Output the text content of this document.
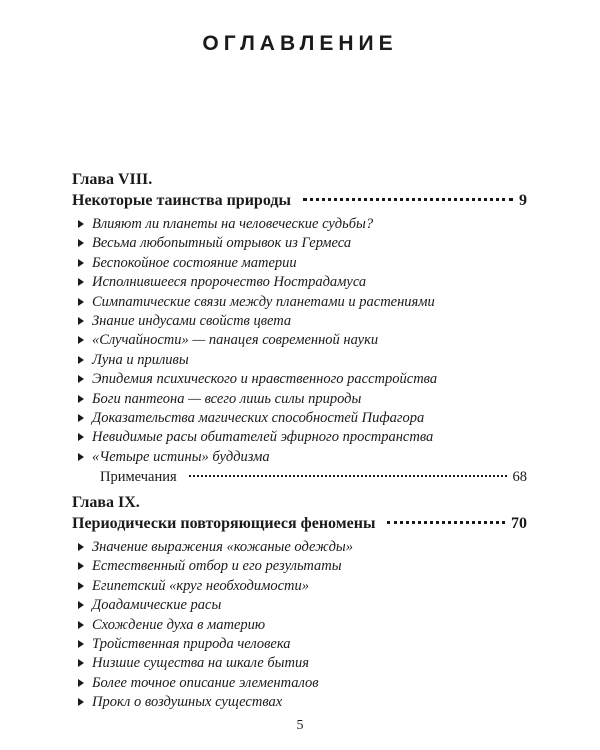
ОГЛАВЛЕНИЕ
Глава VIII.
Некоторые таинства природы	9
Влияют ли планеты на человеческие судьбы?
Весьма любопытный отрывок из Гермеса
Беспокойное состояние материи
Исполнившееся пророчество Нострадамуса
Симпатические связи между планетами и растениями
Знание индусами свойств цвета
«Случайности» — панацея современной науки
Луна и приливы
Эпидемия психического и нравственного расстройства
Боги пантеона — всего лишь силы природы
Доказательства магических способностей Пифагора
Невидимые расы обитателей эфирного пространства
«Четыре истины» буддизма
Примечания	68
Глава IX.
Периодически повторяющиеся феномены	70
Значение выражения «кожаные одежды»
Естественный отбор и его результаты
Египетский «круг необходимости»
Доадамические расы
Схождение духа в материю
Тройственная природа человека
Низшие существа на шкале бытия
Более точное описание элементалов
Прокл о воздушных существах
5
